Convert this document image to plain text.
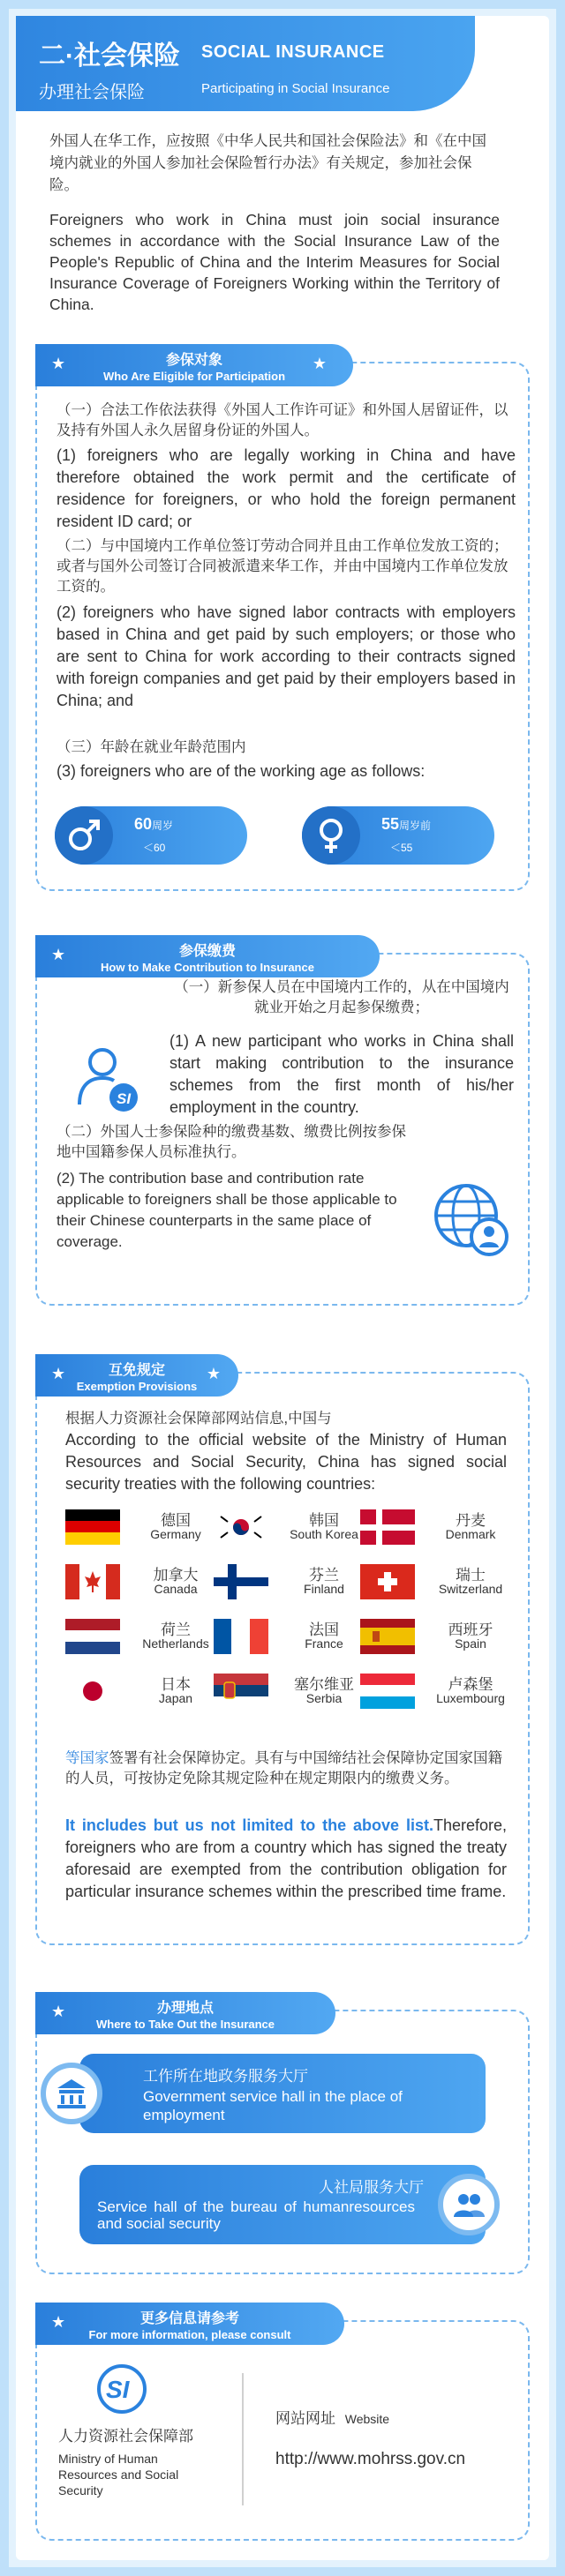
二·社会保险 SOCIAL INSURANCE
办理社会保险	Participating in Social Insurance
外国人在华工作，应按照《中华人民共和国社会保险法》和《在中国境内就业的外国人参加社会保险暂行办法》有关规定，参加社会保险。
Foreigners who work in China must join social insurance schemes in accordance with the Social Insurance Law of the People's Republic of China and the Interim Measures for Social Insurance Coverage of Foreigners Working within the Territory of China.
★	参保对象
Who Are Eligible for Participation
★
（一）合法工作依法获得《外国人工作许可证》和外国人居留证件，以及持有外国人永久居留身份证的外国人。
(1) foreigners who are legally working in China and have therefore obtained the work permit and the certificate of residence for foreigners, or who hold the foreign permanent resident ID card; or
（二）与中国境内工作单位签订劳动合同并且由工作单位发放工资的；或者与国外公司签订合同被派遣来华工作，并由中国境内工作单位发放工资的。
(2) foreigners who have signed labor contracts with employers based in China and get paid by such employers; or those who are sent to China for work according to their contracts signed with foreign companies and get paid by their employers based in China; and
（三）年龄在就业年龄范围内
(3) foreigners who are of the working age as follows:
60周岁
＜60
55周岁前
＜55
★	参保缴费
How to Make Contribution to Insurance
SI
（一）新参保人员在中国境内工作的，从在中国境内就业开始之月起参保缴费；
(1) A new participant who works in China shall start making contribution to the insurance schemes from the first month of his/her employment in the country.
（二）外国人士参保险种的缴费基数、缴费比例按参保地中国籍参保人员标准执行。
(2) The contribution base and contribution rate applicable to foreigners shall be those applicable to their Chinese counterparts in the same place of coverage.
★	互免规定
Exemption Provisions
★
根据人力资源社会保障部网站信息,中国与
According to the official website of the Ministry of Human Resources and Social Security, China has signed social security treaties with the following countries:
德国
Germany
韩国
South Korea
丹麦
Denmark
加拿大
Canada
芬兰
Finland
瑞士
Switzerland
荷兰
Netherlands
法国
France
西班牙
Spain
日本
Japan
塞尔维亚
Serbia
卢森堡
Luxembourg
等国家签署有社会保障协定。具有与中国缔结社会保障协定国家国籍的人员，可按协定免除其规定险种在规定期限内的缴费义务。
It includes but us not limited to the above list.Therefore, foreigners who are from a country which has signed the treaty aforesaid are exempted from the contribution obligation for particular insurance schemes within the prescribed time frame.
★	办理地点
Where to Take Out the Insurance
工作所在地政务服务大厅
Government service hall in the place of employment
人社局服务大厅
Service hall of the bureau of humanresources and social security
★	更多信息请参考
For more information, please consult
SI
人力资源社会保障部
Ministry of Human Resources and Social Security
网站网址 Website
http://www.mohrss.gov.cn
